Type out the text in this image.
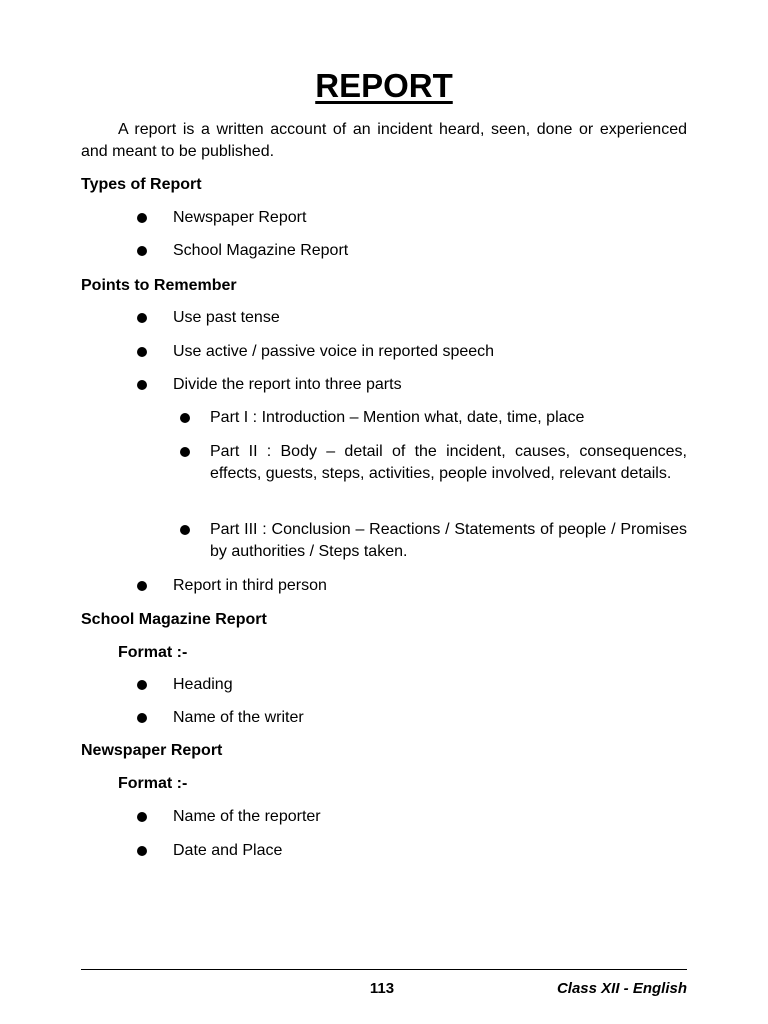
REPORT
A report is a written account of an incident heard, seen, done or experienced and meant to be published.
Types of Report
Newspaper Report
School Magazine Report
Points to Remember
Use past tense
Use active / passive voice in reported speech
Divide the report into three parts
Part I : Introduction – Mention what, date, time, place
Part II : Body – detail of the incident, causes, consequences, effects, guests, steps, activities, people involved, relevant details.
Part III : Conclusion – Reactions / Statements of people / Promises by authorities / Steps taken.
Report in third person
School Magazine Report
Format :-
Heading
Name of the writer
Newspaper Report
Format :-
Name of the reporter
Date and Place
113	Class XII - English
